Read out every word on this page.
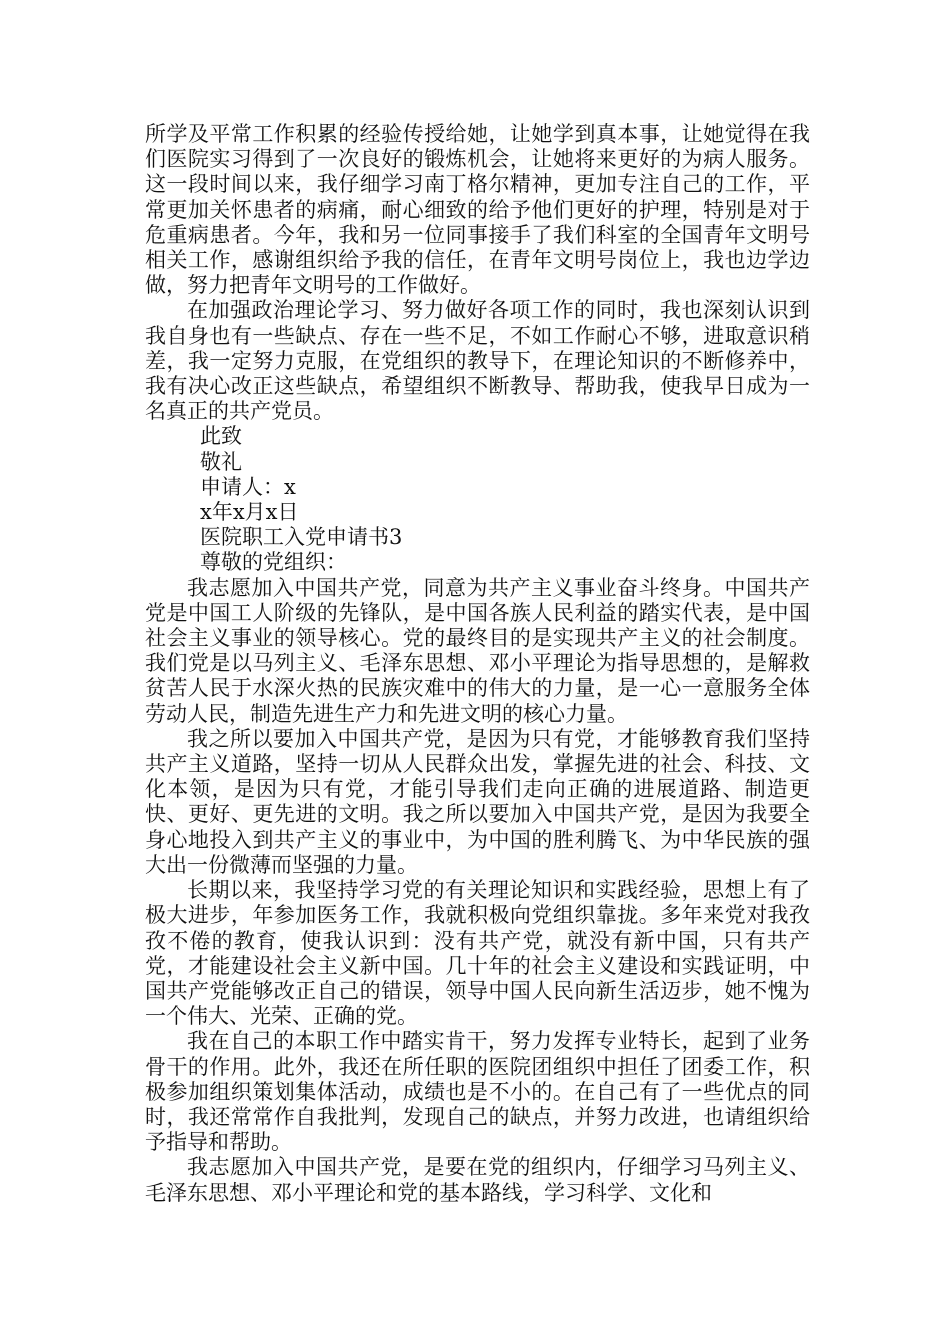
所学及平常工作积累的经验传授给她，让她学到真本事，让她觉得在我们医院实习得到了一次良好的锻炼机会，让她将来更好的为病人服务。这一段时间以来，我仔细学习南丁格尔精神，更加专注自己的工作，平常更加关怀患者的病痛，耐心细致的给予他们更好的护理，特别是对于危重病患者。今年，我和另一位同事接手了我们科室的全国青年文明号相关工作，感谢组织给予我的信任，在青年文明号岗位上，我也边学边做，努力把青年文明号的工作做好。

在加强政治理论学习、努力做好各项工作的同时，我也深刻认识到我自身也有一些缺点、存在一些不足，不如工作耐心不够，进取意识稍差，我一定努力克服，在党组织的教导下，在理论知识的不断修养中，我有决心改正这些缺点，希望组织不断教导、帮助我，使我早日成为一名真正的共产党员。

此致

敬礼

申请人：x

x年x月x日

医院职工入党申请书3

尊敬的党组织：

我志愿加入中国共产党，同意为共产主义事业奋斗终身。中国共产党是中国工人阶级的先锋队，是中国各族人民利益的踏实代表，是中国社会主义事业的领导核心。党的最终目的是实现共产主义的社会制度。我们党是以马列主义、毛泽东思想、邓小平理论为指导思想的，是解救贫苦人民于水深火热的民族灾难中的伟大的力量，是一心一意服务全体劳动人民，制造先进生产力和先进文明的核心力量。

我之所以要加入中国共产党，是因为只有党，才能够教育我们坚持共产主义道路，坚持一切从人民群众出发，掌握先进的社会、科技、文化本领，是因为只有党，才能引导我们走向正确的进展道路、制造更快、更好、更先进的文明。我之所以要加入中国共产党，是因为我要全身心地投入到共产主义的事业中，为中国的胜利腾飞、为中华民族的强大出一份微薄而坚强的力量。

长期以来，我坚持学习党的有关理论知识和实践经验，思想上有了极大进步，年参加医务工作，我就积极向党组织靠拢。多年来党对我孜孜不倦的教育，使我认识到：没有共产党，就没有新中国，只有共产党，才能建设社会主义新中国。几十年的社会主义建设和实践证明，中国共产党能够改正自己的错误，领导中国人民向新生活迈步，她不愧为一个伟大、光荣、正确的党。

我在自己的本职工作中踏实肯干，努力发挥专业特长，起到了业务骨干的作用。此外，我还在所任职的医院团组织中担任了团委工作，积极参加组织策划集体活动，成绩也是不小的。在自己有了一些优点的同时，我还常常作自我批判，发现自己的缺点，并努力改进，也请组织给予指导和帮助。

我志愿加入中国共产党，是要在党的组织内，仔细学习马列主义、毛泽东思想、邓小平理论和党的基本路线，学习科学、文化和
